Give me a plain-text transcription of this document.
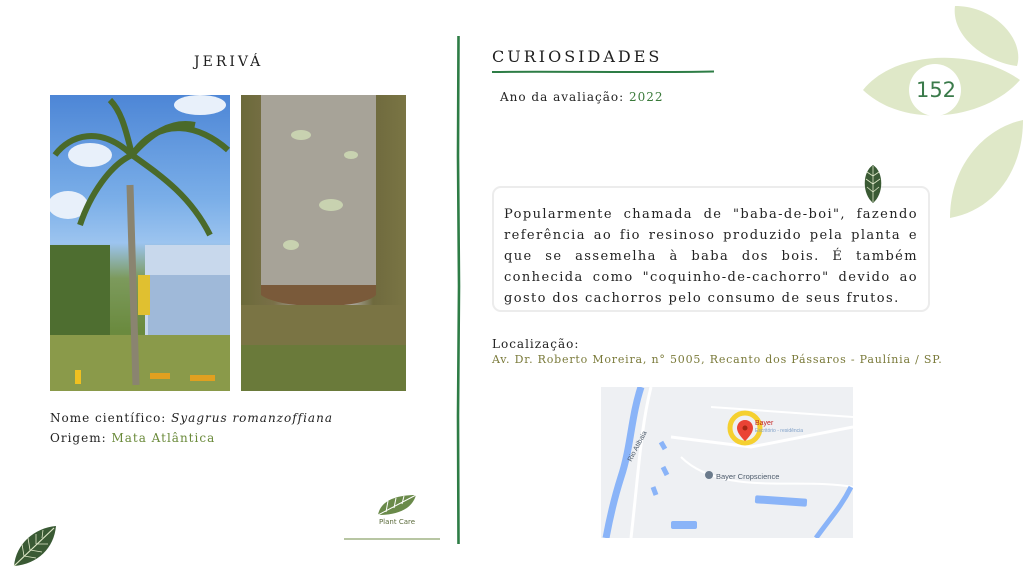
152
JERIVÁ
Nome científico: Syagrus romanzoffiana
Origem: Mata Atlântica
Plant Care
CURIOSIDADES
Ano da avaliação: 2022

Popularmente chamada de "baba-de-boi", fazendo referência ao fio resinoso produzido pela planta e que se assemelha à baba dos bois. É também conhecida como "coquinho-de-cachorro" devido ao gosto dos cachorros pelo consumo de seus frutos.

Localização:
Av. Dr. Roberto Moreira, n° 5005, Recanto dos Pássaros - Paulínia / SP.
Rio Atibaia
Bayer Cropscience
Bayer
Escritório - residência
